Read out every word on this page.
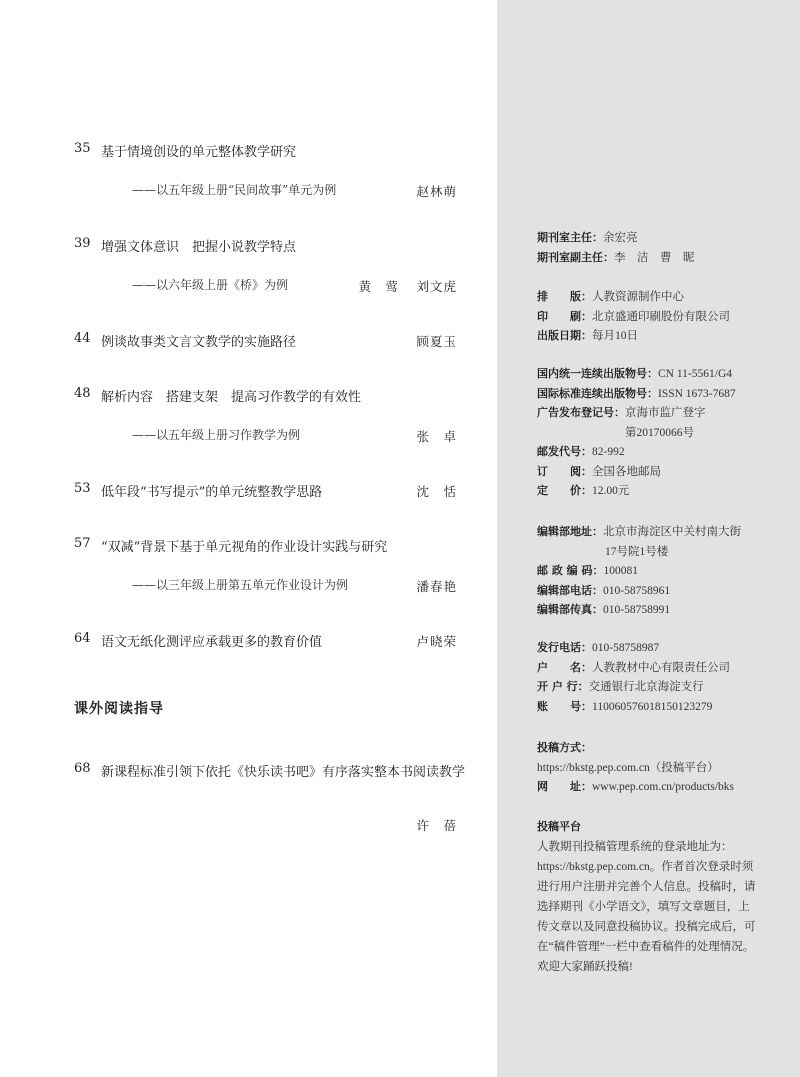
35 基于情境创设的单元整体教学研究
——以五年级上册“民间故事”单元为例	赵林萌
39 增强文体意识　把握小说教学特点
——以六年级上册《桥》为例	黄　莺 刘文虎
44 例谈故事类文言文教学的实施路径	顾夏玉
48 解析内容　搭建支架　提高习作教学的有效性
——以五年级上册习作教学为例	张　卓
53 低年段“书写提示”的单元统整教学思路	沈　恬
57 “双减”背景下基于单元视角的作业设计实践与研究
——以三年级上册第五单元作业设计为例	潘春艳
64 语文无纸化测评应承载更多的教育价值	卢晓荣
课外阅读指导
68 新课程标准引领下依托《快乐读书吧》有序落实整本书阅读教学
许　蓓
期刊室主任：余宏亮
期刊室副主任：李　洁　曹　昵
排　　版：人教资源制作中心
印　　刷：北京盛通印刷股份有限公司
出版日期：每月10日
国内统一连续出版物号：CN 11-5561/G4
国际标准连续出版物号：ISSN 1673-7687
广告发布登记号：京海市监广登字
第20170066号
邮发代号：82-992
订　　阅：全国各地邮局
定　　价：12.00元
编辑部地址：北京市海淀区中关村南大街
17号院1号楼
邮 政 编 码：100081
编辑部电话：010-58758961
编辑部传真：010-58758991
发行电话：010-58758987
户　　名：人教教材中心有限责任公司
开 户 行：交通银行北京海淀支行
账　　号：110060576018150123279
投稿方式：
https://bkstg.pep.com.cn（投稿平台）
网　　址：www.pep.com.cn/products/bks
投稿平台
人教期刊投稿管理系统的登录地址为：https://bkstg.pep.com.cn。作者首次登录时须进行用户注册并完善个人信息。投稿时，请选择期刊《小学语文》，填写文章题目，上传文章以及同意投稿协议。投稿完成后，可在“稿件管理”一栏中查看稿件的处理情况。欢迎大家踊跃投稿!
